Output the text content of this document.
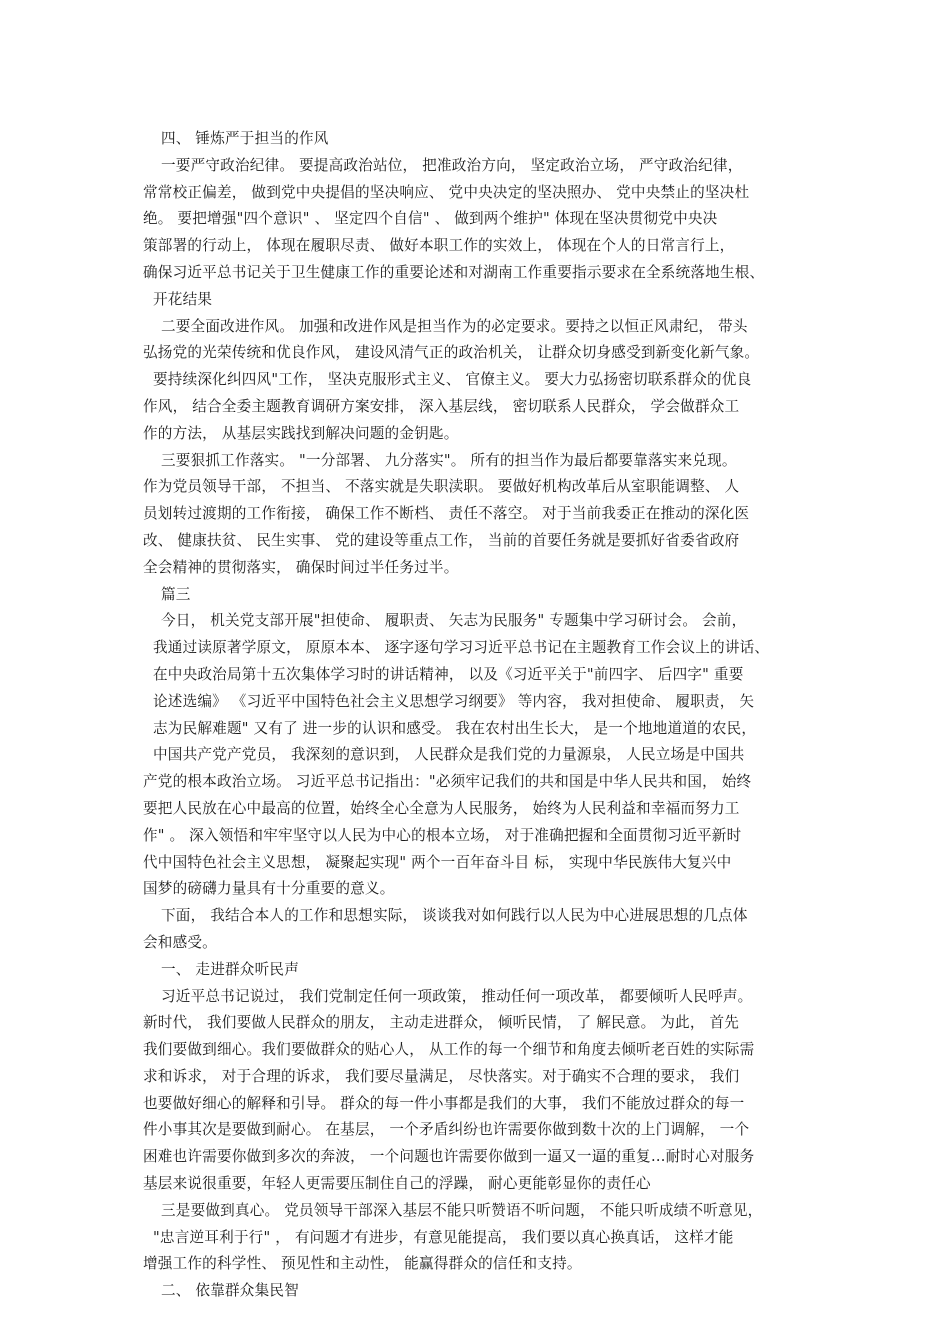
四、 锤炼严于担当的作风
一要严守政治纪律。 要提高政治站位， 把准政治方向， 坚定政治立场， 严守政治纪律，
常常校正偏差， 做到党中央提倡的坚决响应、 党中央决定的坚决照办、 党中央禁止的坚决杜
绝。 要把增强"四个意识" 、 坚定四个自信" 、 做到两个维护" 体现在坚决贯彻党中央决
策部署的行动上， 体现在履职尽责、 做好本职工作的实效上， 体现在个人的日常言行上，
确保习近平总书记关于卫生健康工作的重要论述和对湖南工作重要指示要求在全系统落地生根、
开花结果
二要全面改进作风。 加强和改进作风是担当作为的必定要求。要持之以恒正风肃纪， 带头
弘扬党的光荣传统和优良作风， 建设风清气正的政治机关， 让群众切身感受到新变化新气象。
要持续深化纠四风"工作， 坚决克服形式主义、 官僚主义。 要大力弘扬密切联系群众的优良
作风， 结合全委主题教育调研方案安排， 深入基层线， 密切联系人民群众， 学会做群众工
作的方法， 从基层实践找到解决问题的金钥匙。
三要狠抓工作落实。 "一分部署、 九分落实"。 所有的担当作为最后都要靠落实来兑现。
作为党员领导干部， 不担当、 不落实就是失职渎职。 要做好机构改革后从室职能调整、 人
员划转过渡期的工作衔接， 确保工作不断档、 责任不落空。 对于当前我委正在推动的深化医
改、 健康扶贫、 民生实事、 党的建设等重点工作， 当前的首要任务就是要抓好省委省政府
全会精神的贯彻落实， 确保时间过半任务过半。
篇三
今日， 机关党支部开展"担使命、 履职责、 矢志为民服务" 专题集中学习研讨会。 会前，
我通过读原著学原文， 原原本本、 逐字逐句学习习近平总书记在主题教育工作会议上的讲话、
在中央政治局第十五次集体学习时的讲话精神， 以及《习近平关于"前四字、 后四字" 重要
论述选编》 《习近平中国特色社会主义思想学习纲要》 等内容， 我对担使命、 履职责， 矢
志为民解难题" 又有了 进一步的认识和感受。 我在农村出生长大， 是一个地地道道的农民，
中国共产党产党员， 我深刻的意识到， 人民群众是我们党的力量源泉， 人民立场是中国共
产党的根本政治立场。 习近平总书记指出："必须牢记我们的共和国是中华人民共和国， 始终
要把人民放在心中最高的位置，始终全心全意为人民服务， 始终为人民利益和幸福而努力工
作" 。 深入领悟和牢牢坚守以人民为中心的根本立场， 对于准确把握和全面贯彻习近平新时
代中国特色社会主义思想， 凝聚起实现" 两个一百年奋斗目 标， 实现中华民族伟大复兴中
国梦的磅礴力量具有十分重要的意义。
下面， 我结合本人的工作和思想实际， 谈谈我对如何践行以人民为中心进展思想的几点体
会和感受。
一、 走进群众听民声
习近平总书记说过， 我们党制定任何一项政策， 推动任何一项改革， 都要倾听人民呼声。
新时代， 我们要做人民群众的朋友， 主动走进群众， 倾听民情， 了 解民意。 为此， 首先
我们要做到细心。我们要做群众的贴心人， 从工作的每一个细节和角度去倾听老百姓的实际需
求和诉求， 对于合理的诉求， 我们要尽量满足， 尽快落实。对于确实不合理的要求， 我们
也要做好细心的解释和引导。 群众的每一件小事都是我们的大事， 我们不能放过群众的每一
件小事其次是要做到耐心。 在基层， 一个矛盾纠纷也许需要你做到数十次的上门调解， 一个
困难也许需要你做到多次的奔波， 一个问题也许需要你做到一逼又一逼的重复…耐时心对服务
基层来说很重要，年轻人更需要压制住自己的浮躁， 耐心更能彰显你的责任心
三是要做到真心。 党员领导干部深入基层不能只听赞语不听问题， 不能只听成绩不听意见，
"忠言逆耳利于行" ， 有问题才有进步，有意见能提高， 我们要以真心换真话， 这样才能
增强工作的科学性、 预见性和主动性， 能赢得群众的信任和支持。
二、 依靠群众集民智
